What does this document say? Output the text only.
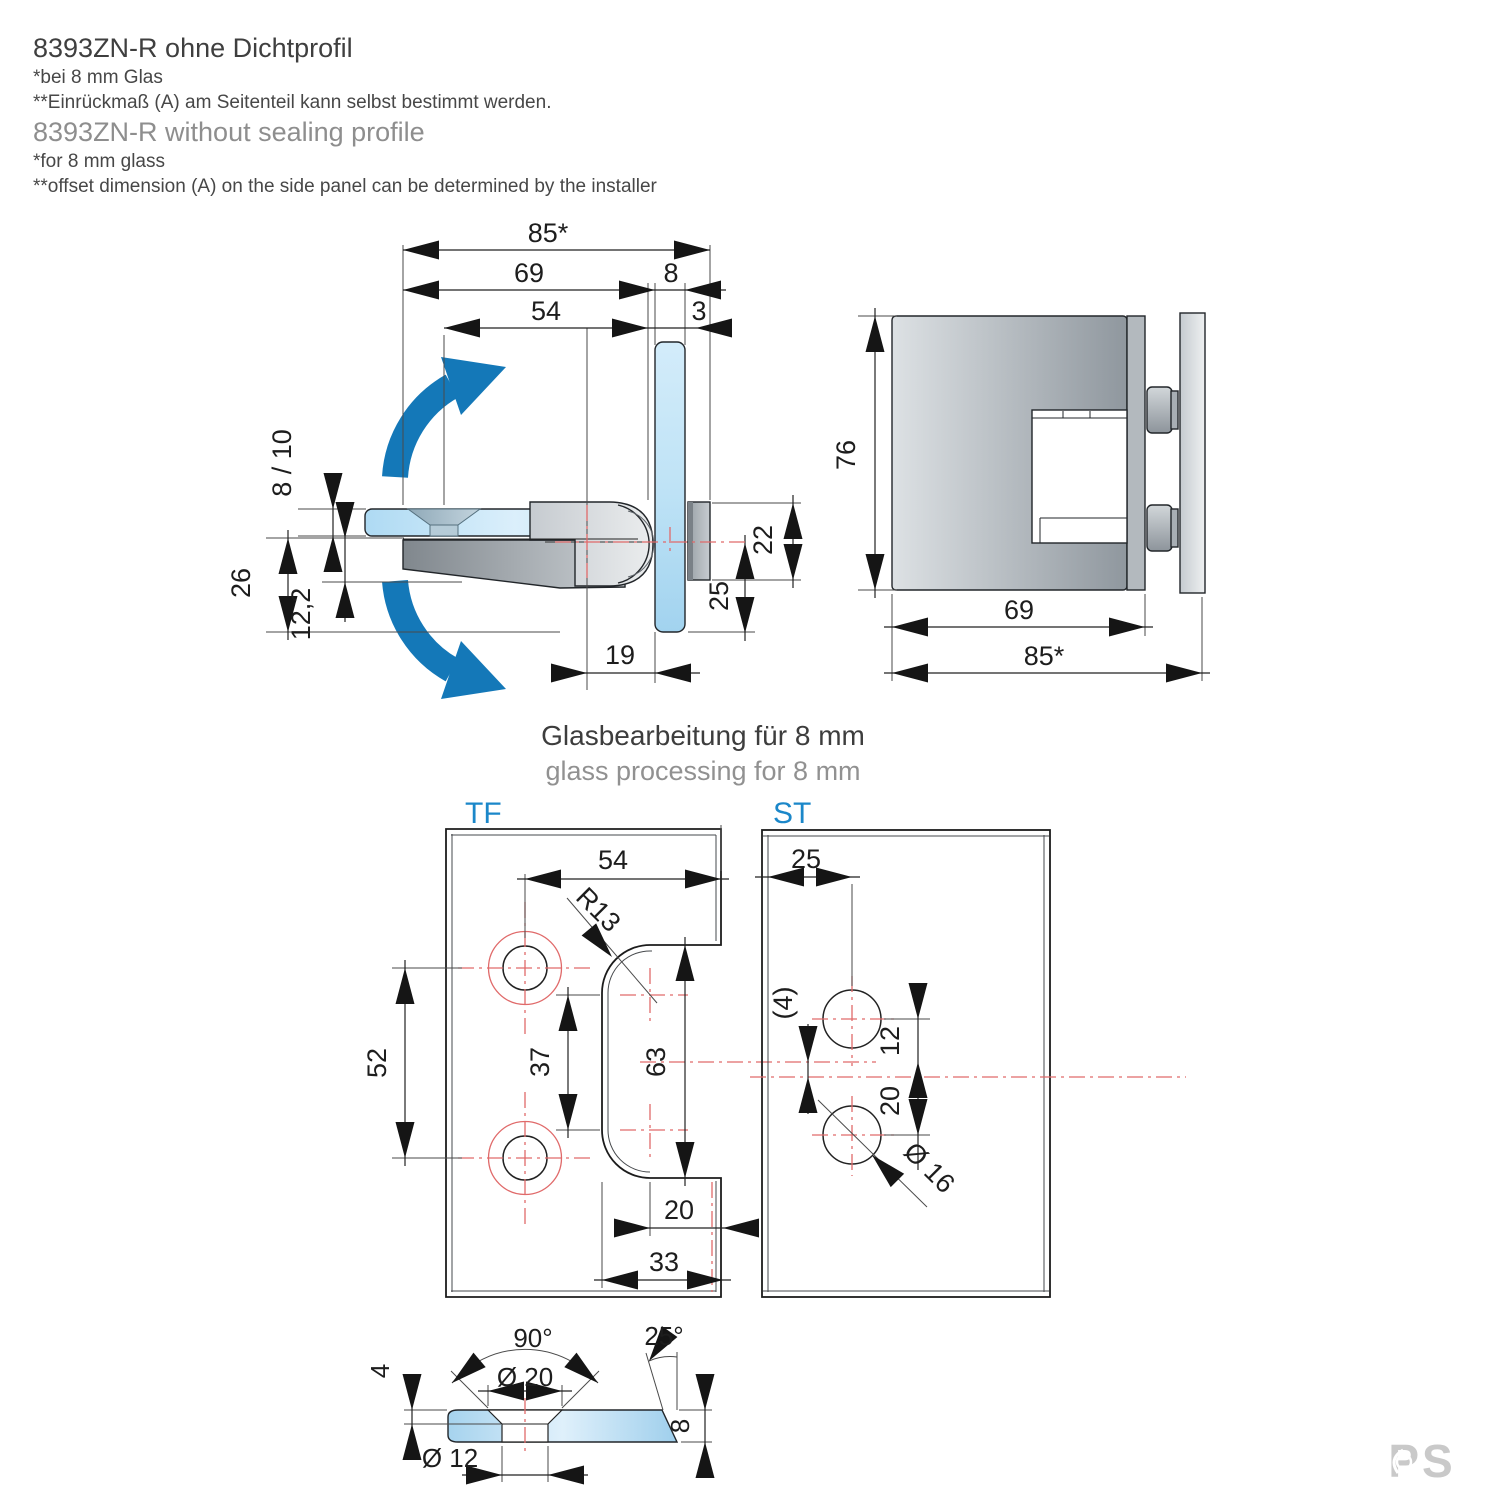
8393ZN-R ohne Dichtprofil
*bei 8 mm Glas
**Einrückmaß (A) am Seitenteil kann selbst bestimmt werden.
8393ZN-R without sealing profile
*for 8 mm glass
**offset dimension (A) on the side panel can be determined by the installer
85*
69	8
54	3
8 / 10
26
12,2
22
25
19
76
69
85*
Glasbearbeitung für 8 mm
glass processing for 8 mm
TF	ST
54
R13
52	37	63
20
33
25
(4)
12
20
Ø 16
90°
Ø 20
25°
4
Ø 12
8
PS
